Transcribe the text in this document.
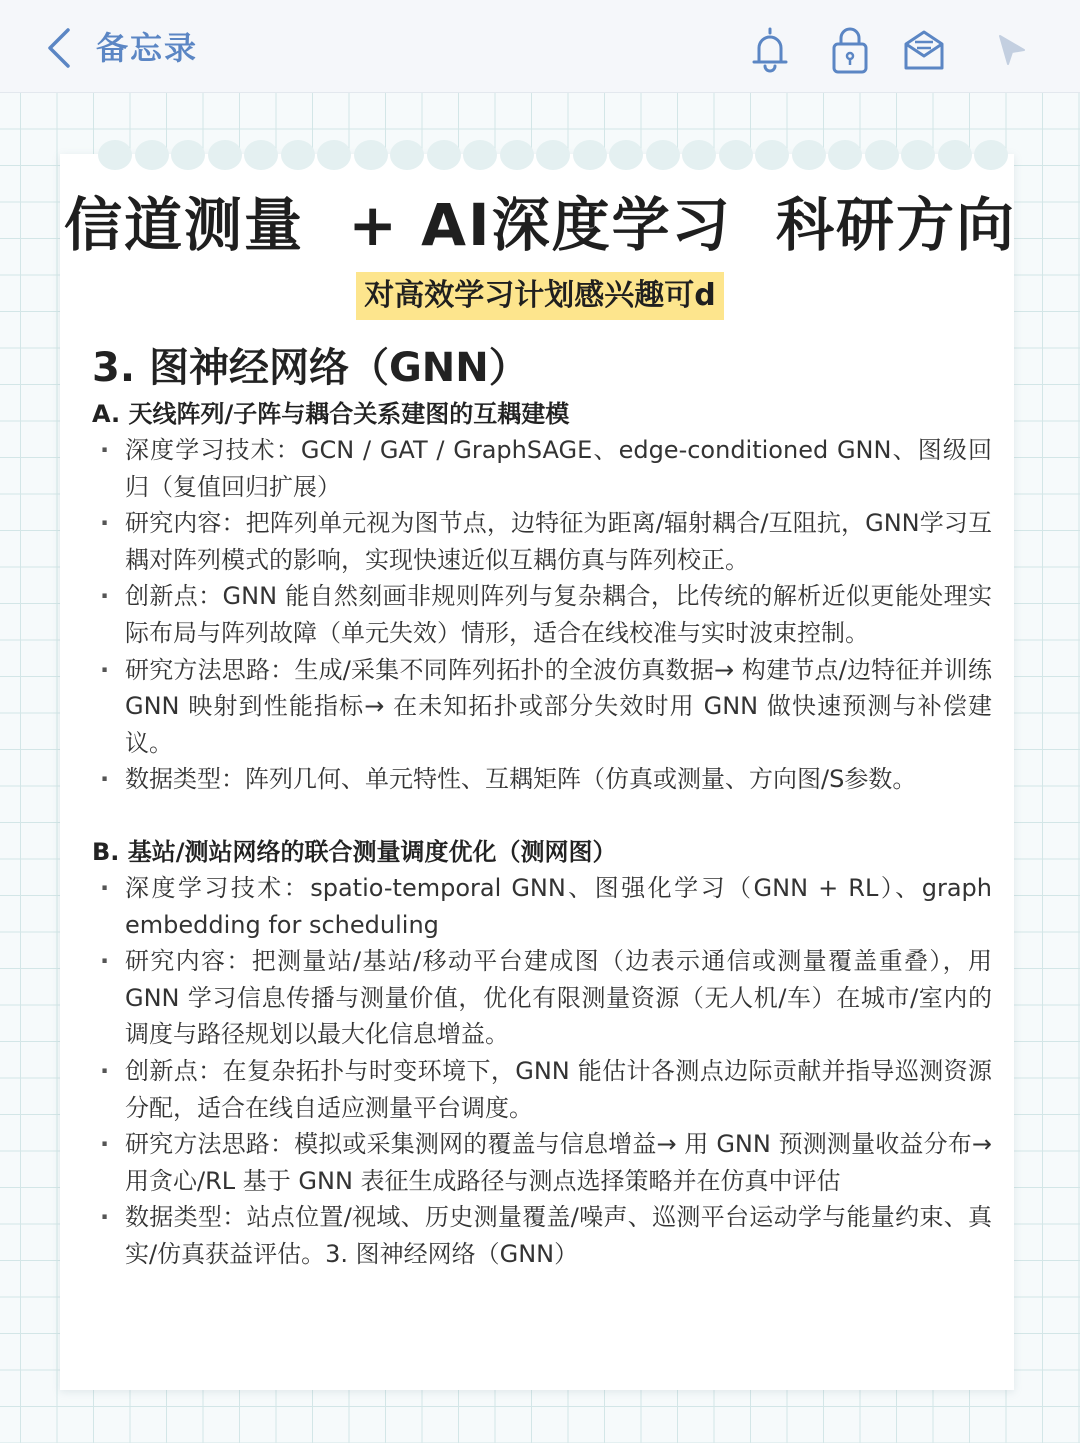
备忘录
信道测量  + AI深度学习  科研方向
对高效学习计划感兴趣可d
3. 图神经网络（GNN）
A. 天线阵列/子阵与耦合关系建图的互耦建模
· 深度学习技术：GCN / GAT / GraphSAGE、edge-conditioned GNN、图级回归（复值回归扩展）
· 研究内容：把阵列单元视为图节点，边特征为距离/辐射耦合/互阻抗，GNN学习互耦对阵列模式的影响，实现快速近似互耦仿真与阵列校正。
· 创新点：GNN 能自然刻画非规则阵列与复杂耦合，比传统的解析近似更能处理实际布局与阵列故障（单元失效）情形，适合在线校准与实时波束控制。
· 研究方法思路：生成/采集不同阵列拓扑的全波仿真数据→ 构建节点/边特征并训练 GNN 映射到性能指标→ 在未知拓扑或部分失效时用 GNN 做快速预测与补偿建议。
· 数据类型：阵列几何、单元特性、互耦矩阵（仿真或测量、方向图/S参数。
B. 基站/测站网络的联合测量调度优化（测网图）
· 深度学习技术：spatio-temporal GNN、图强化学习（GNN + RL）、graph embedding for scheduling
· 研究内容：把测量站/基站/移动平台建成图（边表示通信或测量覆盖重叠），用 GNN 学习信息传播与测量价值，优化有限测量资源（无人机/车）在城市/室内的调度与路径规划以最大化信息增益。
· 创新点：在复杂拓扑与时变环境下，GNN 能估计各测点边际贡献并指导巡测资源分配，适合在线自适应测量平台调度。
· 研究方法思路：模拟或采集测网的覆盖与信息增益→ 用 GNN 预测测量收益分布→ 用贪心/RL 基于 GNN 表征生成路径与测点选择策略并在仿真中评估
· 数据类型：站点位置/视域、历史测量覆盖/噪声、巡测平台运动学与能量约束、真实/仿真获益评估。3. 图神经网络（GNN）
